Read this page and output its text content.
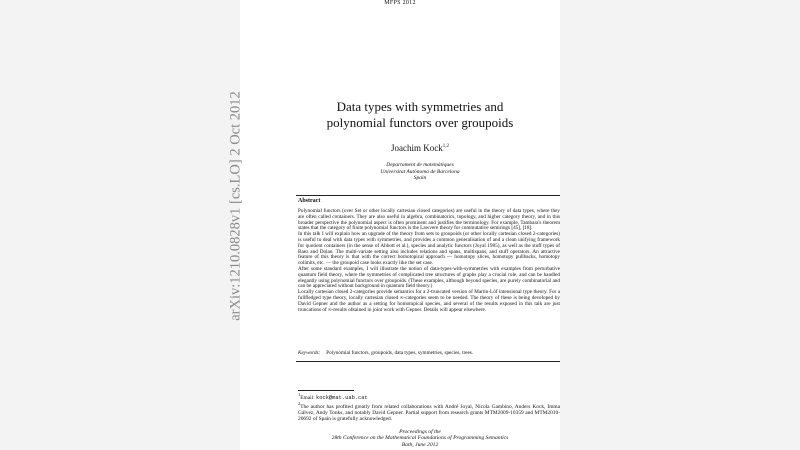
MFPS 2012
Data types with symmetries and
polynomial functors over groupoids
Joachim Kock$^{1,2}$
Departament de matemàtiques
Universitat Autònoma de Barcelona
Spain
Abstract

Polynomial functors (over Set or other locally cartesian closed categories) are useful in the theory of data types, where they are often called containers. They are also useful in algebra, combinatorics, topology, and higher category theory, and in this broader perspective the polynomial aspect is often prominent and justifies the terminology. For example, Tambara's theorem states that the category of finite polynomial functors is the Lawvere theory for commutative semirings [45], [18].

In this talk I will explain how an upgrade of the theory from sets to groupoids (or other locally cartesian closed 2-categories) is useful to deal with data types with symmetries, and provides a common generalisation of and a clean unifying framework for quotient containers (in the sense of Abbott et al.), species and analytic functors (Joyal 1985), as well as the stuff types of Baez and Dolan. The multi-variate setting also includes relations and spans, multispans, and stuff operators. An attractive feature of this theory is that with the correct homotopical approach — homotopy slices, homotopy pullbacks, homotopy colimits, etc. — the groupoid case looks exactly like the set case.

After some standard examples, I will illustrate the notion of data-types-with-symmetries with examples from perturbative quantum field theory, where the symmetries of complicated tree structures of graphs play a crucial role, and can be handled elegantly using polynomial functors over groupoids. (These examples, although beyond species, are purely combinatorial and can be appreciated without background in quantum field theory.)

Locally cartesian closed 2-categories provide semantics for a 2-truncated version of Martin-Löf intensional type theory. For a fullfledged type theory, locally cartesian closed ∞-categories seem to be needed. The theory of these is being developed by David Gepner and the author as a setting for homotopical species, and several of the results exposed in this talk are just truncations of ∞-results obtained in joint work with Gepner. Details will appear elsewhere.

Keywords: Polynomial functors, groupoids, data types, symmetries, species, trees.

$^1$Email: kock@mat.uab.cat

$^2$The author has profited greatly from related collaborations with André Joyal, Nicola Gambino, Anders Kock, Imma Gálvez, Andy Tonks, and notably David Gepner. Partial support from research grants MTM2009-10359 and MTM2010-20692 of Spain is gratefully acknowledged.

Proceedings of the
28th Conference on the Mathematical Foundations of Programming Semantics
Bath, June 2012
arXiv:1210.0828v1 [cs.LO] 2 Oct 2012
